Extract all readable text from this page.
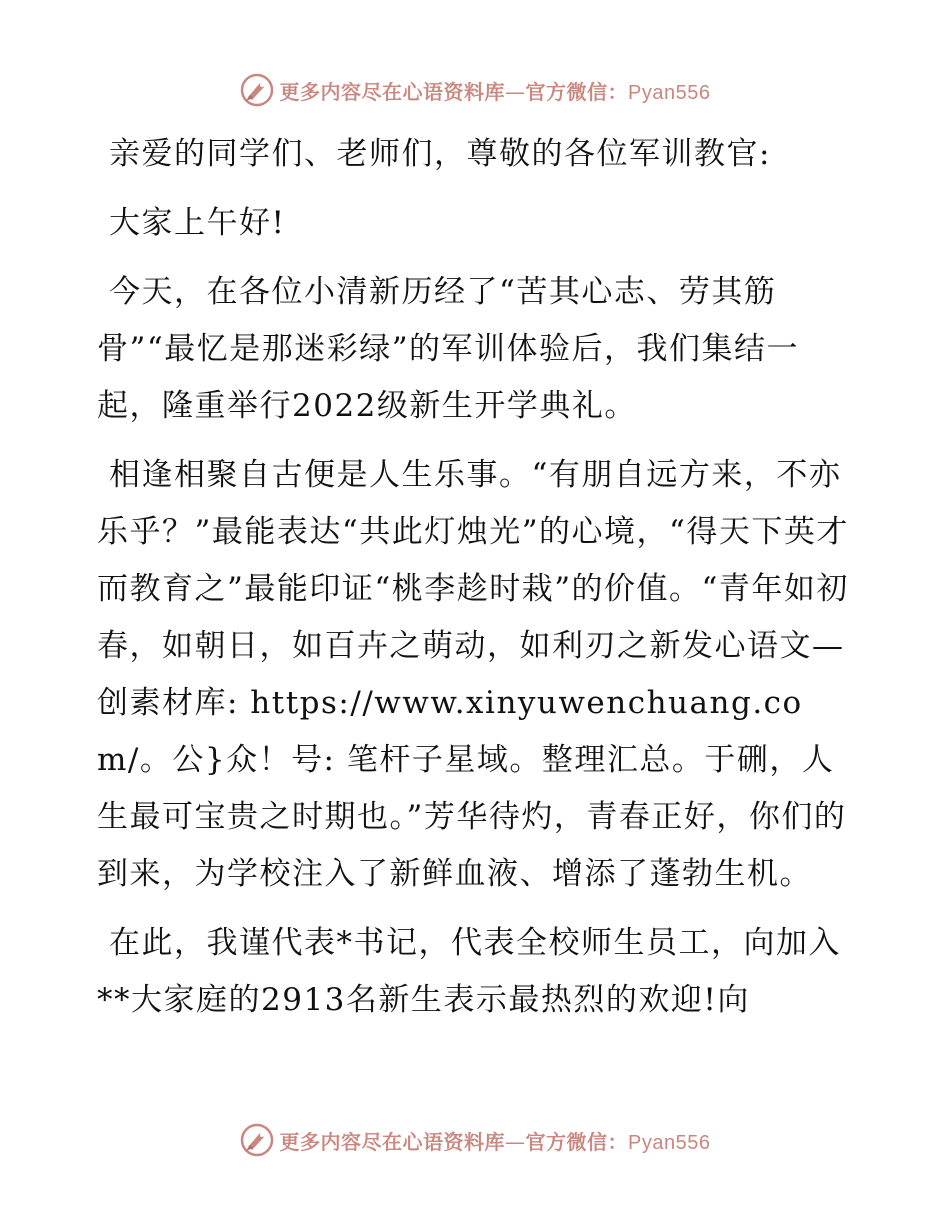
更多内容尽在心语资料库—官方微信：Pyan556

亲爱的同学们、老师们，尊敬的各位军训教官:

大家上午好!

今天，在各位小清新历经了“苦其心志、劳其筋骨”“最忆是那迷彩绿”的军训体验后，我们集结一起，隆重举行2022级新生开学典礼。

相逢相聚自古便是人生乐事。“有朋自远方来，不亦乐乎？”最能表达“共此灯烛光”的心境，“得天下英才而教育之”最能印证“桃李趁时栽”的价值。“青年如初春，如朝日，如百卉之萌动，如利刃之新发心语文—创素材库: https://www.xinyuwenchuang.com/。公}众！号: 笔杆子星域。整理汇总。于硎，人生最可宝贵之时期也。”芳华待灼，青春正好，你们的到来，为学校注入了新鲜血液、增添了蓬勃生机。

在此，我谨代表*书记，代表全校师生员工，向加入**大家庭的2913名新生表示最热烈的欢迎!向

更多内容尽在心语资料库—官方微信：Pyan556
